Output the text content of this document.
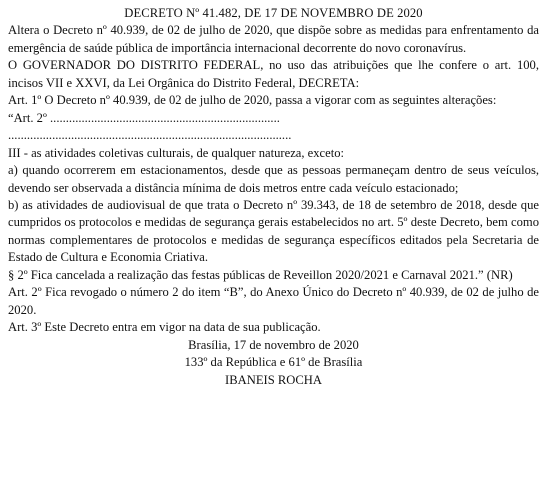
DECRETO Nº 41.482, DE 17 DE NOVEMBRO DE 2020

Altera o Decreto nº 40.939, de 02 de julho de 2020, que dispõe sobre as medidas para enfrentamento da emergência de saúde pública de importância internacional decorrente do novo coronavírus.

O GOVERNADOR DO DISTRITO FEDERAL, no uso das atribuições que lhe confere o art. 100, incisos VII e XXVI, da Lei Orgânica do Distrito Federal, DECRETA:

Art. 1º O Decreto nº 40.939, de 02 de julho de 2020, passa a vigorar com as seguintes alterações:

“Art. 2º .........................................................................

..........................................................................................

III - as atividades coletivas culturais, de qualquer natureza, exceto:

a) quando ocorrerem em estacionamentos, desde que as pessoas permaneçam dentro de seus veículos, devendo ser observada a distância mínima de dois metros entre cada veículo estacionado;

b) as atividades de audiovisual de que trata o Decreto nº 39.343, de 18 de setembro de 2018, desde que cumpridos os protocolos e medidas de segurança gerais estabelecidos no art. 5º deste Decreto, bem como normas complementares de protocolos e medidas de segurança específicos editados pela Secretaria de Estado de Cultura e Economia Criativa.

§ 2º Fica cancelada a realização das festas públicas de Reveillon 2020/2021 e Carnaval 2021.” (NR)

Art. 2º Fica revogado o número 2 do item “B”, do Anexo Único do Decreto nº 40.939, de 02 de julho de 2020.

Art. 3º Este Decreto entra em vigor na data de sua publicação.

Brasília, 17 de novembro de 2020

133º da República e 61º de Brasília

IBANEIS ROCHA
